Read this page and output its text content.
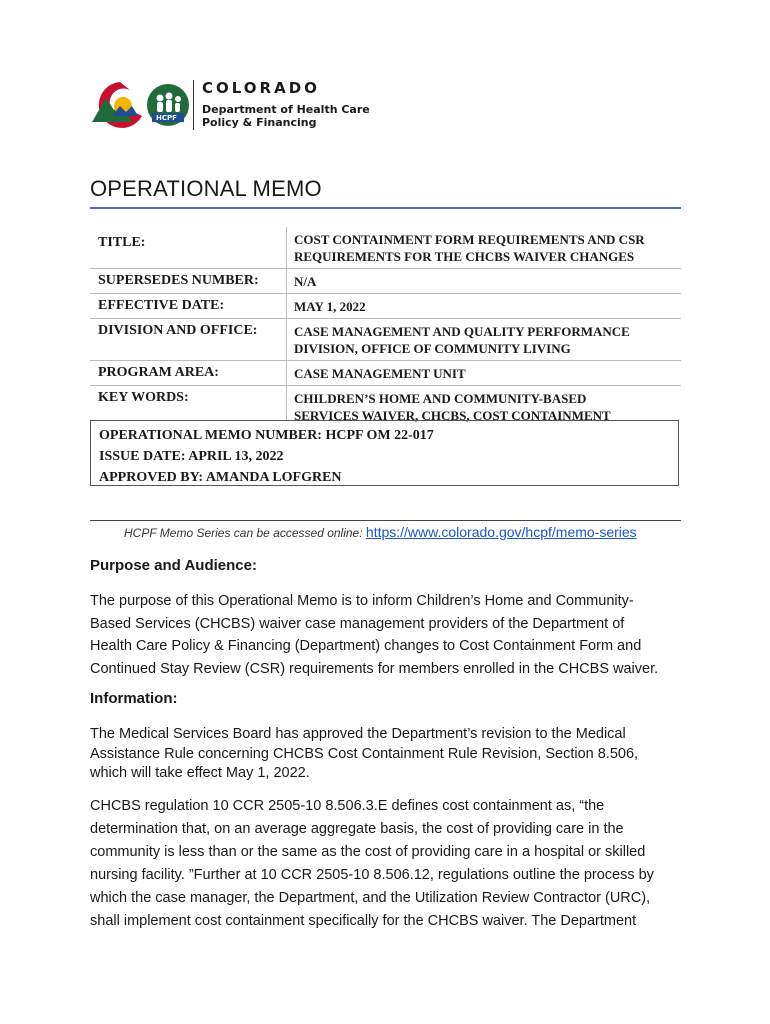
HCPF
COLORADO
Department of Health Care
Policy & Financing
OPERATIONAL MEMO
TITLE:	COST CONTAINMENT FORM REQUIREMENTS AND CSR
REQUIREMENTS FOR THE CHCBS WAIVER CHANGES
SUPERSEDES NUMBER:	N/A
EFFECTIVE DATE:	MAY 1, 2022
DIVISION AND OFFICE:	CASE MANAGEMENT AND QUALITY PERFORMANCE
DIVISION, OFFICE OF COMMUNITY LIVING
PROGRAM AREA:	CASE MANAGEMENT UNIT
KEY WORDS:	CHILDREN’S HOME AND COMMUNITY-BASED
SERVICES WAIVER, CHCBS, COST CONTAINMENT
OPERATIONAL MEMO NUMBER: HCPF OM 22-017
ISSUE DATE: APRIL 13, 2022
APPROVED BY: AMANDA LOFGREN
HCPF Memo Series can be accessed online: https://www.colorado.gov/hcpf/memo-series
Purpose and Audience:
The purpose of this Operational Memo is to inform Children’s Home and Community-
Based Services (CHCBS) waiver case management providers of the Department of
Health Care Policy & Financing (Department) changes to Cost Containment Form and
Continued Stay Review (CSR) requirements for members enrolled in the CHCBS waiver.
Information:
The Medical Services Board has approved the Department’s revision to the Medical
Assistance Rule concerning CHCBS Cost Containment Rule Revision, Section 8.506,
which will take effect May 1, 2022.
CHCBS regulation 10 CCR 2505-10 8.506.3.E defines cost containment as, “the
determination that, on an average aggregate basis, the cost of providing care in the
community is less than or the same as the cost of providing care in a hospital or skilled
nursing facility. ”Further at 10 CCR 2505-10 8.506.12, regulations outline the process by
which the case manager, the Department, and the Utilization Review Contractor (URC),
shall implement cost containment specifically for the CHCBS waiver. The Department
